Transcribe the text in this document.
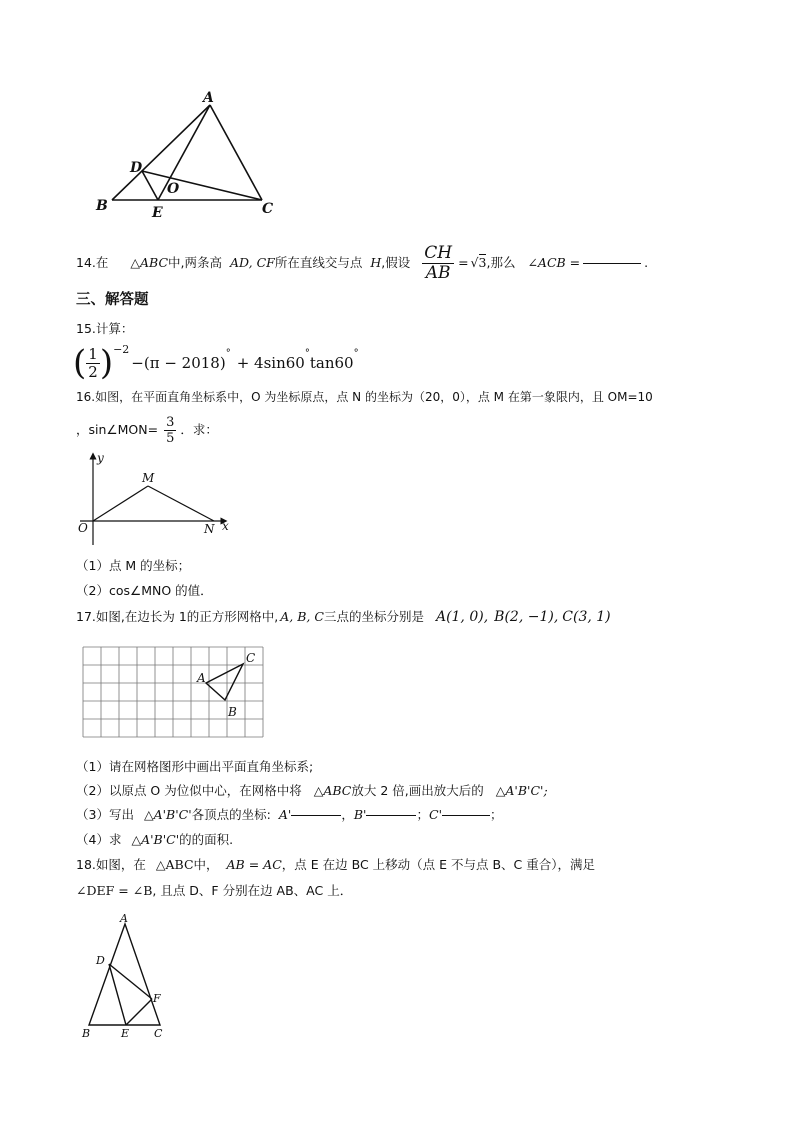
A
B	C
D
E
O
14.在 △ ABC 中,两条高 AD, CF 所在直线交与点 H ,假设 $\frac{CH}{AB} = √3$ ,那么 ∠ACB =	.
三、解答题
15.计算：
( $\frac{1}{2}$ ) −2
−(π − 2018)
°
+ 4sin60
°
tan60
°
16.如图，在平面直角坐标系中，O 为坐标原点，点 N 的坐标为（20，0），点 M 在第一象限内，且 OM=10
，sin∠MON= $\frac{3}{5}$ ．求：
y
x
M
O	N
（1）点 M 的坐标；
（2）cos∠MNO 的值．
17.如图,在边长为 1的正方形网格中, A, B, C 三点的坐标分别是 A(1, 0), B(2, −1), C(3, 1)
A
B
C
（1）请在网格图形中画出平面直角坐标系;
（2）以原点 O 为位似中心，在网格中将 △ABC 放大 2 倍,画出放大后的 △A'B'C';
（3）写出 △A'B'C' 各顶点的坐标: A'	， B'	； C'	；
（4）求 △A'B'C' 的的面积.
18.如图，在 △ABC 中， AB = AC ，点 E 在边 BC 上移动（点 E 不与点 B、C 重合），满足
∠DEF = ∠B , 且点 D、F 分别在边 AB、AC 上．
A
D
F
B	E C
